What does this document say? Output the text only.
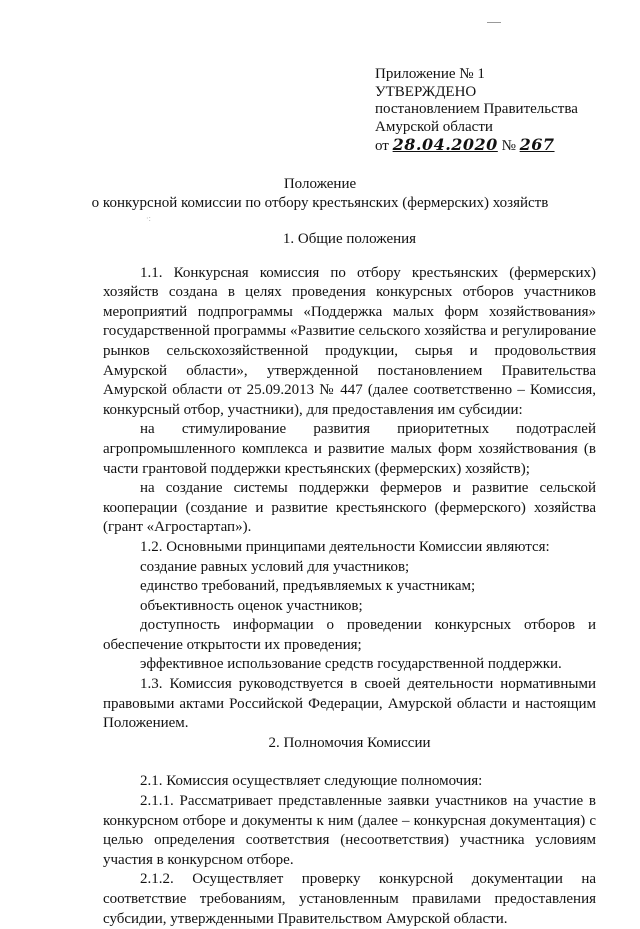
Приложение № 1
УТВЕРЖДЕНО
постановлением Правительства
Амурской области
от 28.04.2020 № 267
Положение
о конкурсной комиссии по отбору крестьянских (фермерских) хозяйств
·:

1. Общие положения

1.1. Конкурсная комиссия по отбору крестьянских (фермерских) хозяйств создана в целях проведения конкурсных отборов участников мероприятий подпрограммы «Поддержка малых форм хозяйствования» государственной программы «Развитие сельского хозяйства и регулирование рынков сельскохозяйственной продукции, сырья и продовольствия Амурской области», утвержденной постановлением Правительства Амурской области от 25.09.2013 № 447 (далее соответственно – Комиссия, конкурсный отбор, участники), для предоставления им субсидии:

на стимулирование развития приоритетных подотраслей агропромышленного комплекса и развитие малых форм хозяйствования (в части грантовой поддержки крестьянских (фермерских) хозяйств);

на создание системы поддержки фермеров и развитие сельской кооперации (создание и развитие крестьянского (фермерского) хозяйства (грант «Агростартап»).

1.2. Основными принципами деятельности Комиссии являются:

создание равных условий для участников;

единство требований, предъявляемых к участникам;

объективность оценок участников;

доступность информации о проведении конкурсных отборов и обеспечение открытости их проведения;

эффективное использование средств государственной поддержки.

1.3. Комиссия руководствуется в своей деятельности нормативными правовыми актами Российской Федерации, Амурской области и настоящим Положением.

2. Полномочия Комиссии

2.1. Комиссия осуществляет следующие полномочия:

2.1.1. Рассматривает представленные заявки участников на участие в конкурсном отборе и документы к ним (далее – конкурсная документация) с целью определения соответствия (несоответствия) участника условиям участия в конкурсном отборе.

2.1.2. Осуществляет проверку конкурсной документации на соответствие требованиям, установленным правилами предоставления субсидии, утвержденными Правительством Амурской области.
